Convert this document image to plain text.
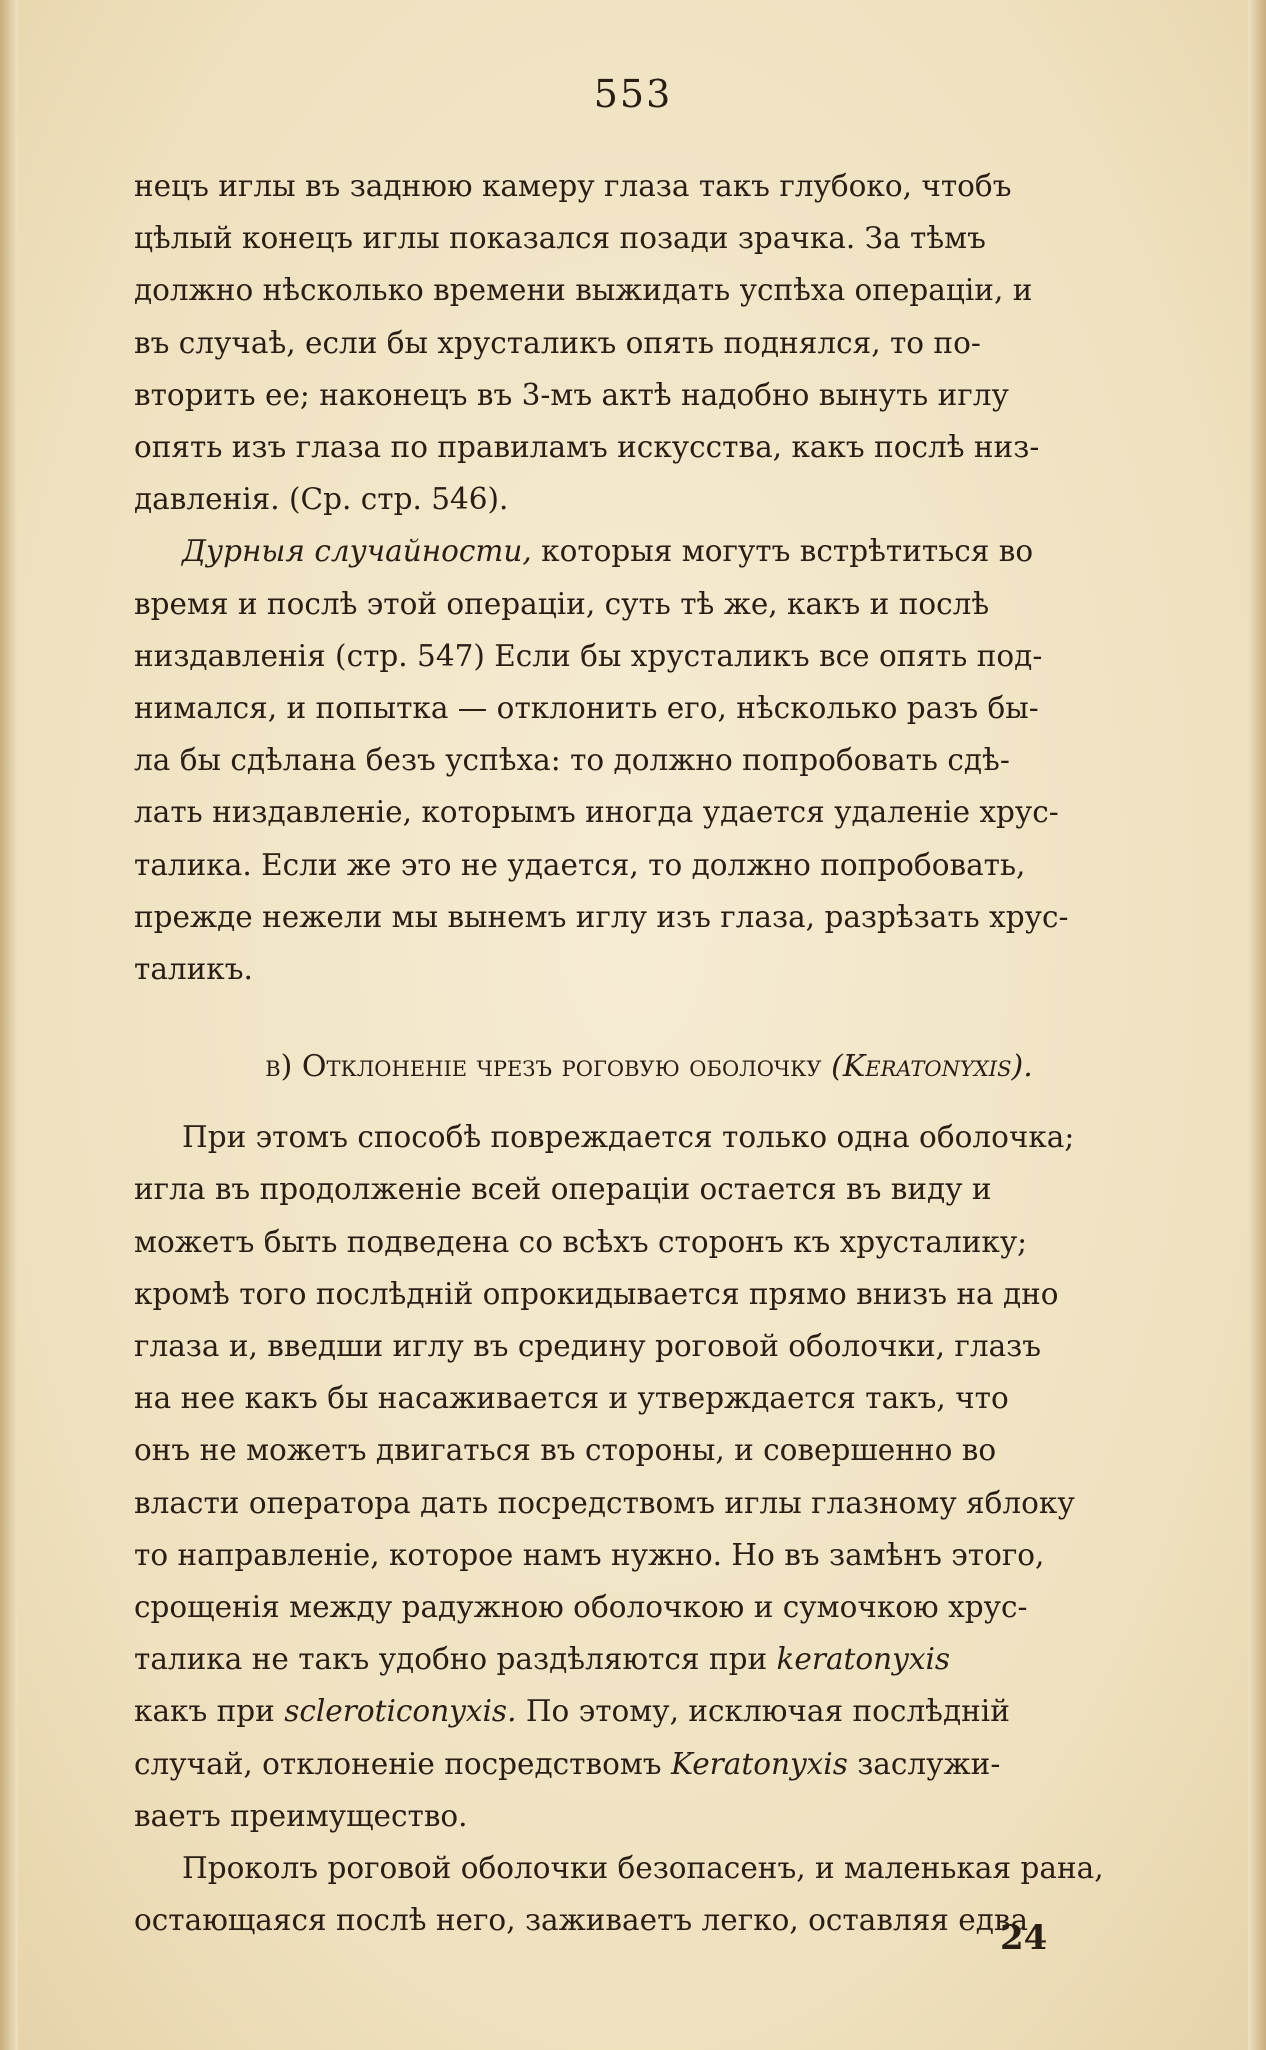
553

нецъ иглы въ заднюю камеру глаза такъ глубоко, чтобъ
цѣлый конецъ иглы показался позади зрачка. За тѣмъ
должно нѣсколько времени выжидать успѣха операціи, и
въ случаѣ, если бы хрусталикъ опять поднялся, то по-
вторить ее; наконецъ въ 3-мъ актѣ надобно вынуть иглу
опять изъ глаза по правиламъ искусства, какъ послѣ низ-
давленія. (Ср. стр. 546).

Дурныя случайности, которыя могутъ встрѣтиться во
время и послѣ этой операціи, суть тѣ же, какъ и послѣ
низдавленія (стр. 547) Если бы хрусталикъ все опять под-
нимался, и попытка — отклонить его, нѣсколько разъ бы-
ла бы сдѣлана безъ успѣха: то должно попробовать сдѣ-
лать низдавленіе, которымъ иногда удается удаленіе хрус-
талика. Если же это не удается, то должно попробовать,
прежде нежели мы вынемъ иглу изъ глаза, разрѣзать хрус-
таликъ.

b) Отклоненіе чрезъ роговую оболочку (Keratonyxis).

При этомъ способѣ повреждается только одна оболочка;
игла въ продолженіе всей операціи остается въ виду и
можетъ быть подведена со всѣхъ сторонъ къ хрусталику;
кромѣ того послѣдній опрокидывается прямо внизъ на дно
глаза и, введши иглу въ средину роговой оболочки, глазъ
на нее какъ бы насаживается и утверждается такъ, что
онъ не можетъ двигаться въ стороны, и совершенно во
власти оператора дать посредствомъ иглы глазному яблоку
то направленіе, которое намъ нужно. Но въ замѣнъ этого,
срощенія между радужною оболочкою и сумочкою хрус-
талика не такъ удобно раздѣляются при keratonyxis
какъ при scleroticonyxis. По этому, исключая послѣдній
случай, отклоненіе посредствомъ Keratonyxis заслужи-
ваетъ преимущество.

Проколъ роговой оболочки безопасенъ, и маленькая рана,
остающаяся послѣ него, заживаетъ легко, оставляя едва

24
